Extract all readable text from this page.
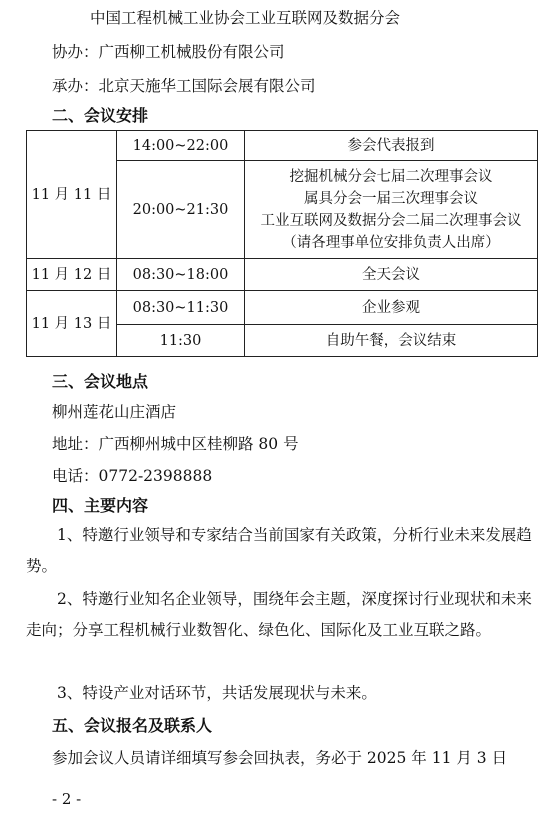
中国工程机械工业协会工业互联网及数据分会
协办：广西柳工机械股份有限公司
承办：北京天施华工国际会展有限公司
二、会议安排
11 月 11 日	14:00~22:00	参会代表报到
	20:00~21:30	挖掘机械分会七届二次理事会议
属具分会一届三次理事会议
工业互联网及数据分会二届二次理事会议
（请各理事单位安排负责人出席）

11 月 12 日	08:30~18:00	全天会议
11 月 13 日	08:30~11:30	企业参观
	11:30	自助午餐，会议结束
三、会议地点
柳州莲花山庄酒店
地址：广西柳州城中区桂柳路 80 号
电话：0772-2398888
四、主要内容
1、特邀行业领导和专家结合当前国家有关政策，分析行业未来发展趋势。
2、特邀行业知名企业领导，围绕年会主题，深度探讨行业现状和未来走向；分享工程机械行业数智化、绿色化、国际化及工业互联之路。
3、特设产业对话环节，共话发展现状与未来。
五、会议报名及联系人
参加会议人员请详细填写参会回执表，务必于 2025 年 11 月 3 日
- 2 -
